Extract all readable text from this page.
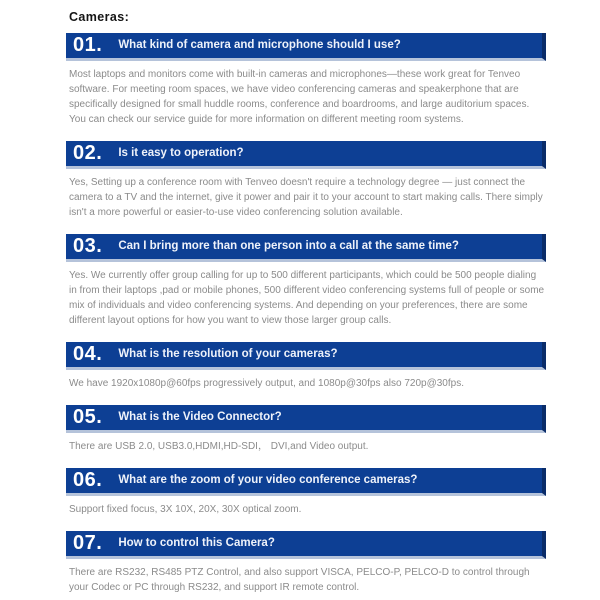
Cameras:
01. What kind of camera and microphone should I use?

Most laptops and monitors come with built-in cameras and microphones—these work great for Tenveo software. For meeting room spaces, we have video conferencing cameras and speakerphone that are specifically designed for small huddle rooms, conference and boardrooms, and large auditorium spaces. You can check our service guide for more information on different meeting room systems.

02. Is it easy to operation?

Yes, Setting up a conference room with Tenveo doesn't require a technology degree — just connect the camera to a TV and the internet, give it power and pair it to your account to start making calls. There simply isn't a more powerful or easier-to-use video conferencing solution available.

03. Can I bring more than one person into a call at the same time?

Yes. We currently offer group calling for up to 500 different participants, which could be 500 people dialing in from their laptops ,pad or mobile phones, 500 different video conferencing systems full of people or some mix of individuals and video conferencing systems. And depending on your preferences, there are some different layout options for how you want to view those larger group calls.

04. What is the resolution of your cameras?

We have 1920x1080p@60fps progressively output, and 1080p@30fps also 720p@30fps.

05. What is the Video Connector?

There are USB 2.0, USB3.0,HDMI,HD-SDI， DVI,and Video output.

06. What are the zoom of your video conference cameras?

Support fixed focus, 3X 10X, 20X, 30X optical zoom.

07. How to control this Camera?

There are RS232, RS485 PTZ Control, and also support VISCA, PELCO-P, PELCO-D to control through your Codec or PC through RS232, and support IR remote control.
